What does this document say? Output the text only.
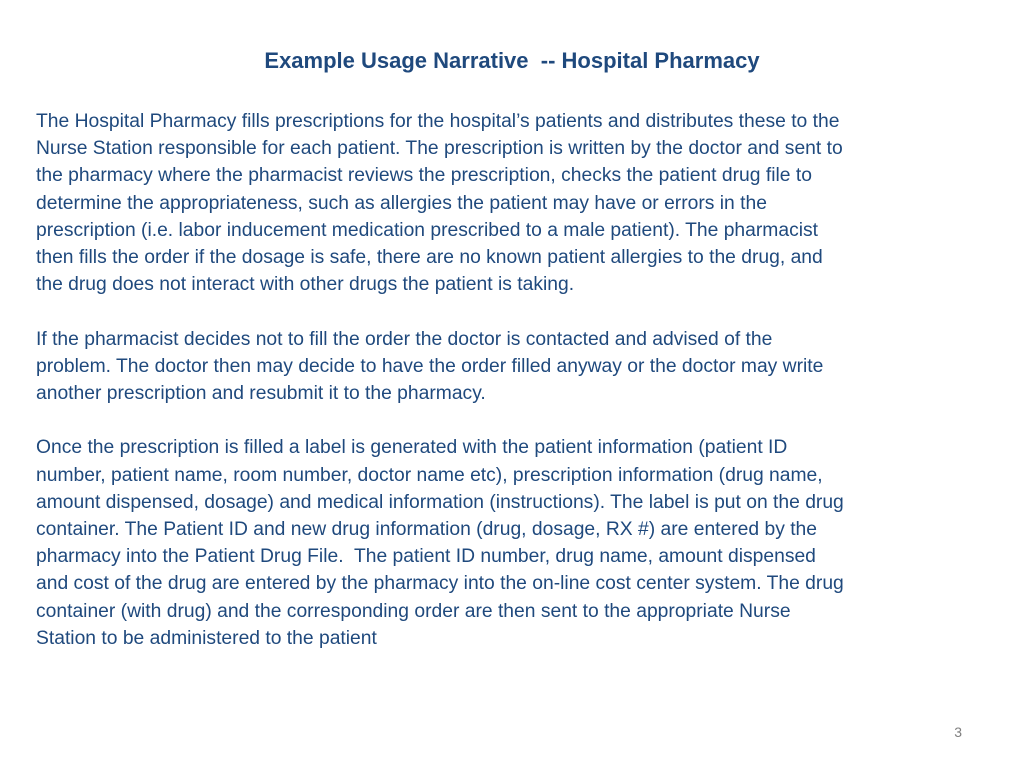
Example Usage Narrative  -- Hospital Pharmacy

The Hospital Pharmacy fills prescriptions for the hospital’s patients and distributes these to the
Nurse Station responsible for each patient. The prescription is written by the doctor and sent to
the pharmacy where the pharmacist reviews the prescription, checks the patient drug file to
determine the appropriateness, such as allergies the patient may have or errors in the
prescription (i.e. labor inducement medication prescribed to a male patient). The pharmacist
then fills the order if the dosage is safe, there are no known patient allergies to the drug, and
the drug does not interact with other drugs the patient is taking.

If the pharmacist decides not to fill the order the doctor is contacted and advised of the
problem. The doctor then may decide to have the order filled anyway or the doctor may write
another prescription and resubmit it to the pharmacy.

Once the prescription is filled a label is generated with the patient information (patient ID
number, patient name, room number, doctor name etc), prescription information (drug name,
amount dispensed, dosage) and medical information (instructions). The label is put on the drug
container. The Patient ID and new drug information (drug, dosage, RX #) are entered by the
pharmacy into the Patient Drug File.  The patient ID number, drug name, amount dispensed
and cost of the drug are entered by the pharmacy into the on-line cost center system. The drug
container (with drug) and the corresponding order are then sent to the appropriate Nurse
Station to be administered to the patient

3
